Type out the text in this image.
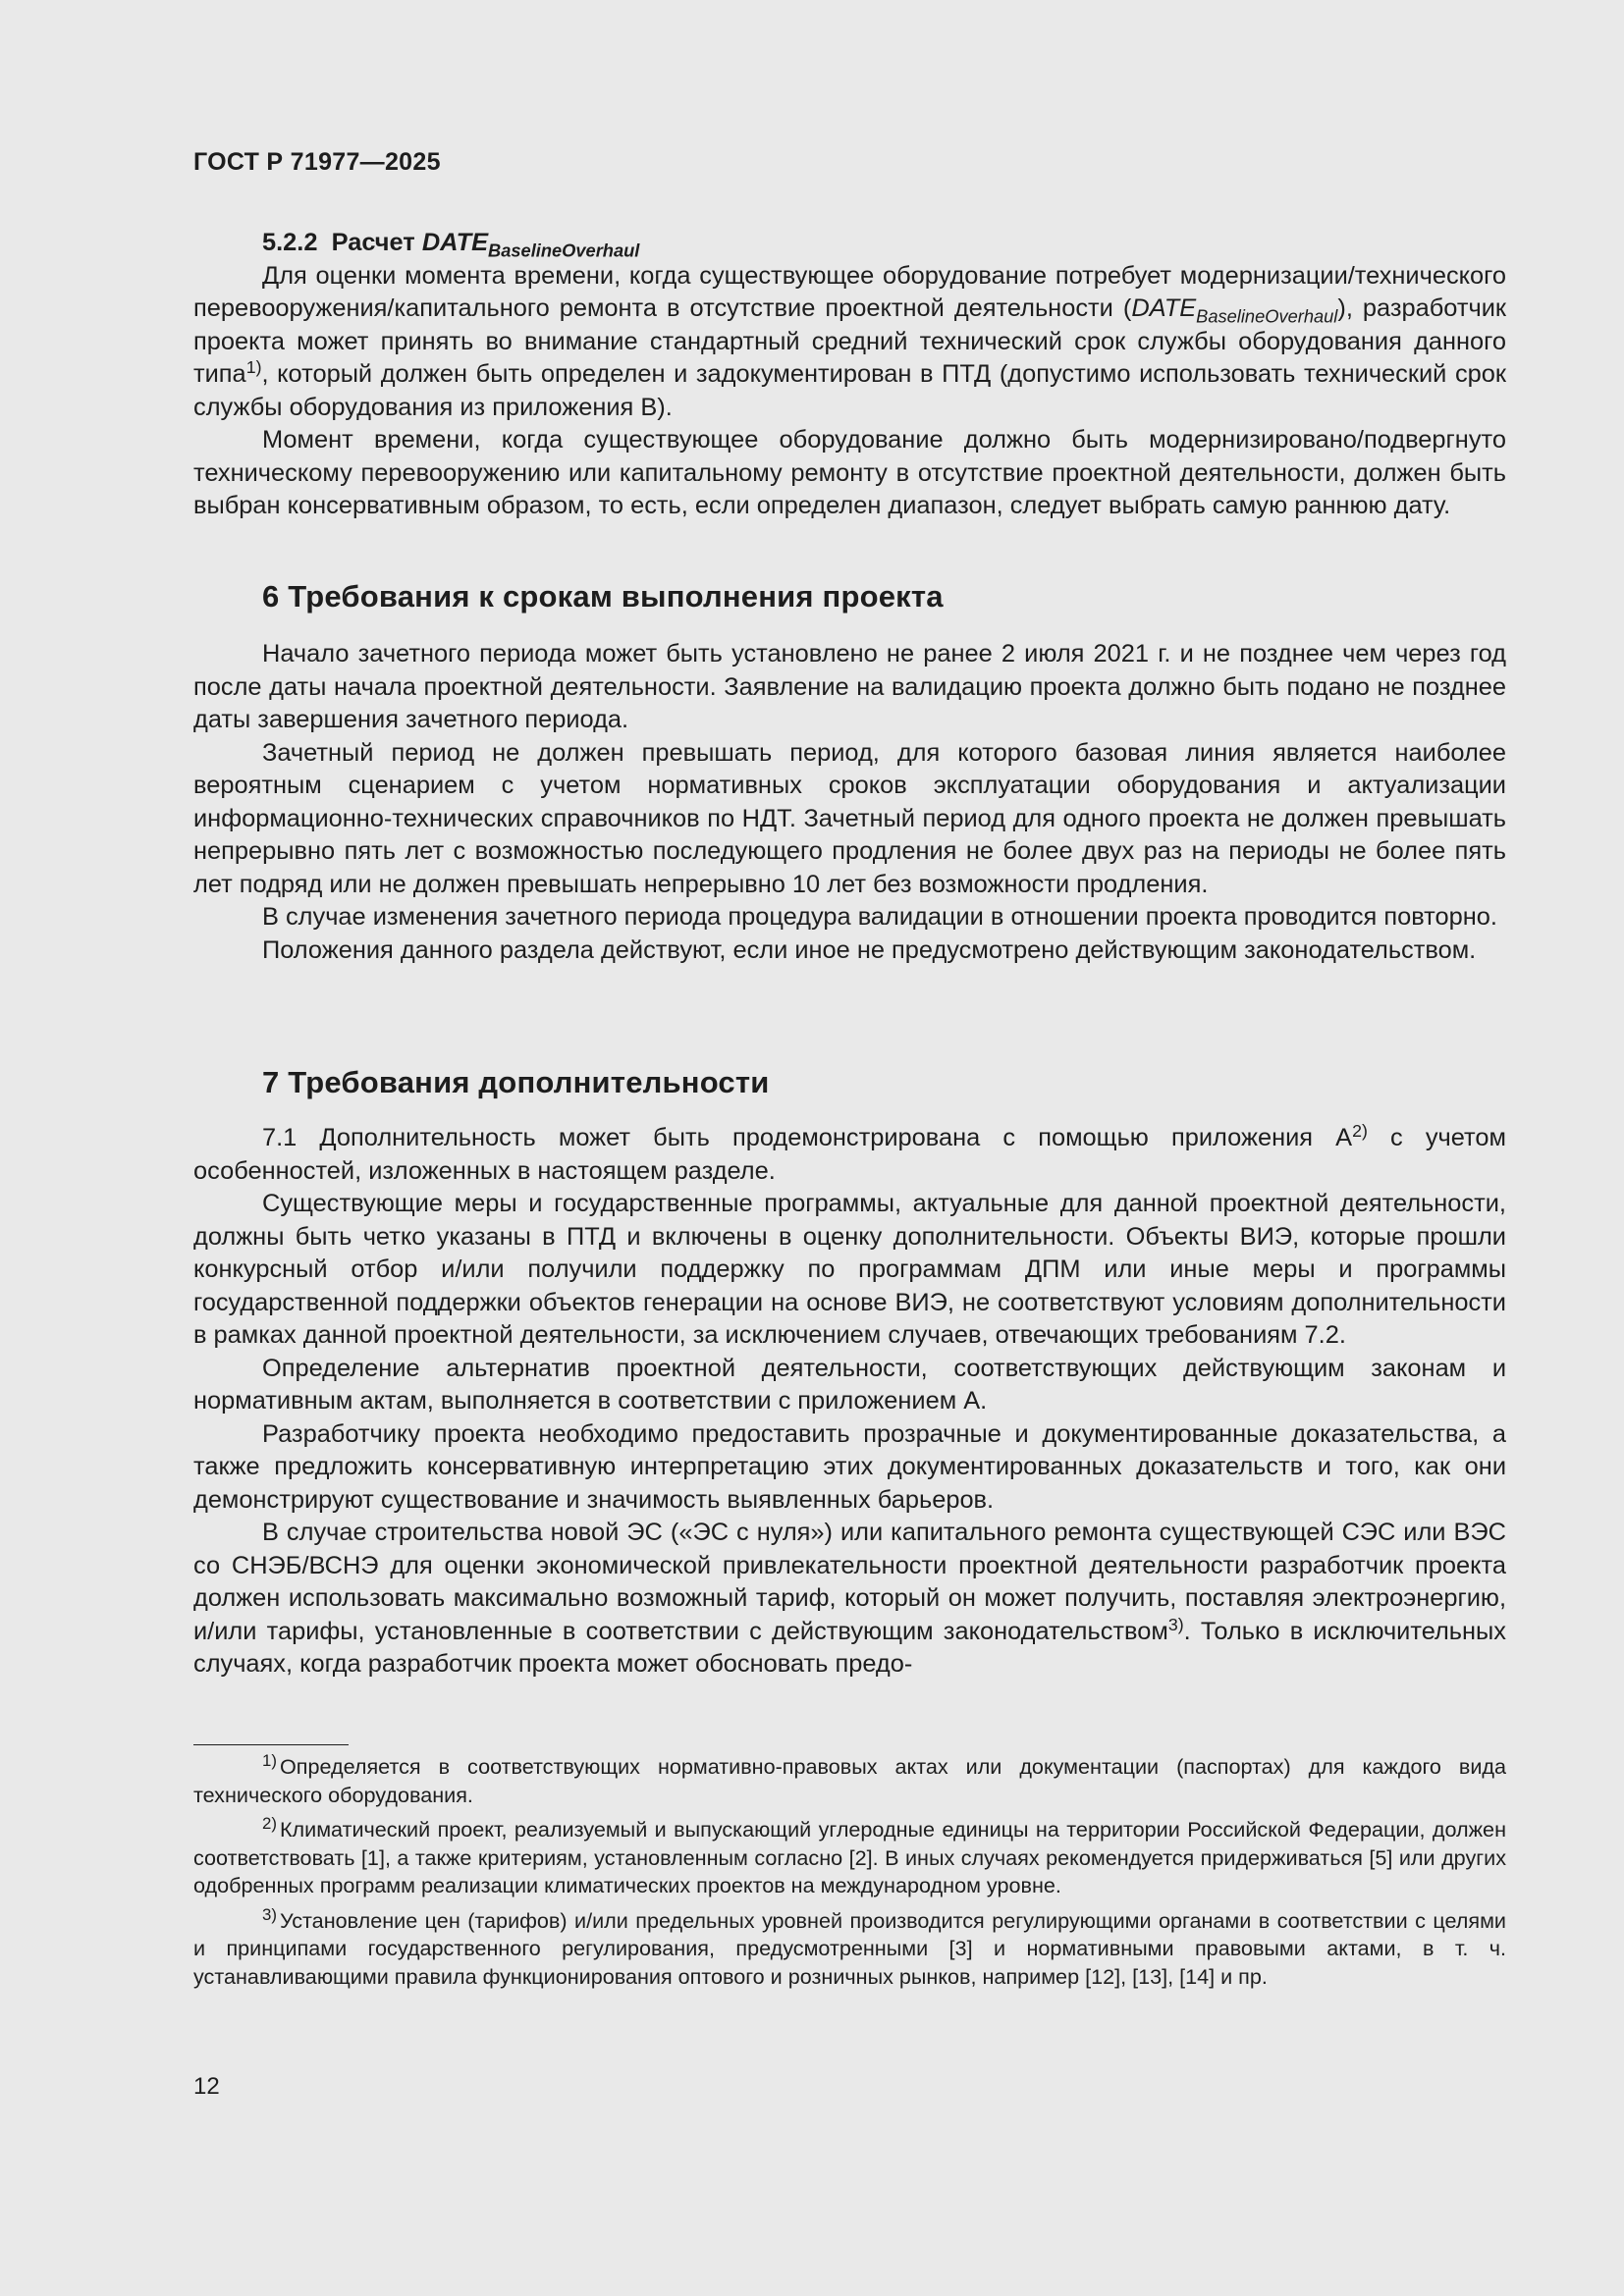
ГОСТ Р 71977—2025

5.2.2 Расчет $DATE_{BaselineOverhaul}$

Для оценки момента времени, когда существующее оборудование потребует модернизации/технического перевооружения/капитального ремонта в отсутствие проектной деятельности $(DATE_{BaselineOverhaul})$, разработчик проекта может принять во внимание стандартный средний технический срок службы оборудования данного типа$^{1)}$, который должен быть определен и задокументирован в ПТД (допустимо использовать технический срок службы оборудования из приложения В).

Момент времени, когда существующее оборудование должно быть модернизировано/подвергнуто техническому перевооружению или капитальному ремонту в отсутствие проектной деятельности, должен быть выбран консервативным образом, то есть, если определен диапазон, следует выбрать самую раннюю дату.

6 Требования к срокам выполнения проекта

Начало зачетного периода может быть установлено не ранее 2 июля 2021 г. и не позднее чем через год после даты начала проектной деятельности. Заявление на валидацию проекта должно быть подано не позднее даты завершения зачетного периода.

Зачетный период не должен превышать период, для которого базовая линия является наиболее вероятным сценарием с учетом нормативных сроков эксплуатации оборудования и актуализации информационно-технических справочников по НДТ. Зачетный период для одного проекта не должен превышать непрерывно пять лет с возможностью последующего продления не более двух раз на периоды не более пять лет подряд или не должен превышать непрерывно 10 лет без возможности продления.

В случае изменения зачетного периода процедура валидации в отношении проекта проводится повторно.

Положения данного раздела действуют, если иное не предусмотрено действующим законодательством.

7 Требования дополнительности

7.1 Дополнительность может быть продемонстрирована с помощью приложения $А^{2)}$ с учетом особенностей, изложенных в настоящем разделе.

Существующие меры и государственные программы, актуальные для данной проектной деятельности, должны быть четко указаны в ПТД и включены в оценку дополнительности. Объекты ВИЭ, которые прошли конкурсный отбор и/или получили поддержку по программам ДПМ или иные меры и программы государственной поддержки объектов генерации на основе ВИЭ, не соответствуют условиям дополнительности в рамках данной проектной деятельности, за исключением случаев, отвечающих требованиям 7.2.

Определение альтернатив проектной деятельности, соответствующих действующим законам и нормативным актам, выполняется в соответствии с приложением А.

Разработчику проекта необходимо предоставить прозрачные и документированные доказательства, а также предложить консервативную интерпретацию этих документированных доказательств и того, как они демонстрируют существование и значимость выявленных барьеров.

В случае строительства новой ЭС («ЭС с нуля») или капитального ремонта существующей СЭС или ВЭС со СНЭБ/ВСНЭ для оценки экономической привлекательности проектной деятельности разработчик проекта должен использовать максимально возможный тариф, который он может получить, поставляя электроэнергию, и/или тарифы, установленные в соответствии с действующим законодательством$^{3)}$. Только в исключительных случаях, когда разработчик проекта может обосновать предо-

$^{1)}$ Определяется в соответствующих нормативно-правовых актах или документации (паспортах) для каждого вида технического оборудования.

$^{2)}$ Климатический проект, реализуемый и выпускающий углеродные единицы на территории Российской Федерации, должен соответствовать [1], а также критериям, установленным согласно [2]. В иных случаях рекомендуется придерживаться [5] или других одобренных программ реализации климатических проектов на международном уровне.

$^{3)}$ Установление цен (тарифов) и/или предельных уровней производится регулирующими органами в соответствии с целями и принципами государственного регулирования, предусмотренными [3] и нормативными правовыми актами, в т. ч. устанавливающими правила функционирования оптового и розничных рынков, например [12], [13], [14] и пр.

12
